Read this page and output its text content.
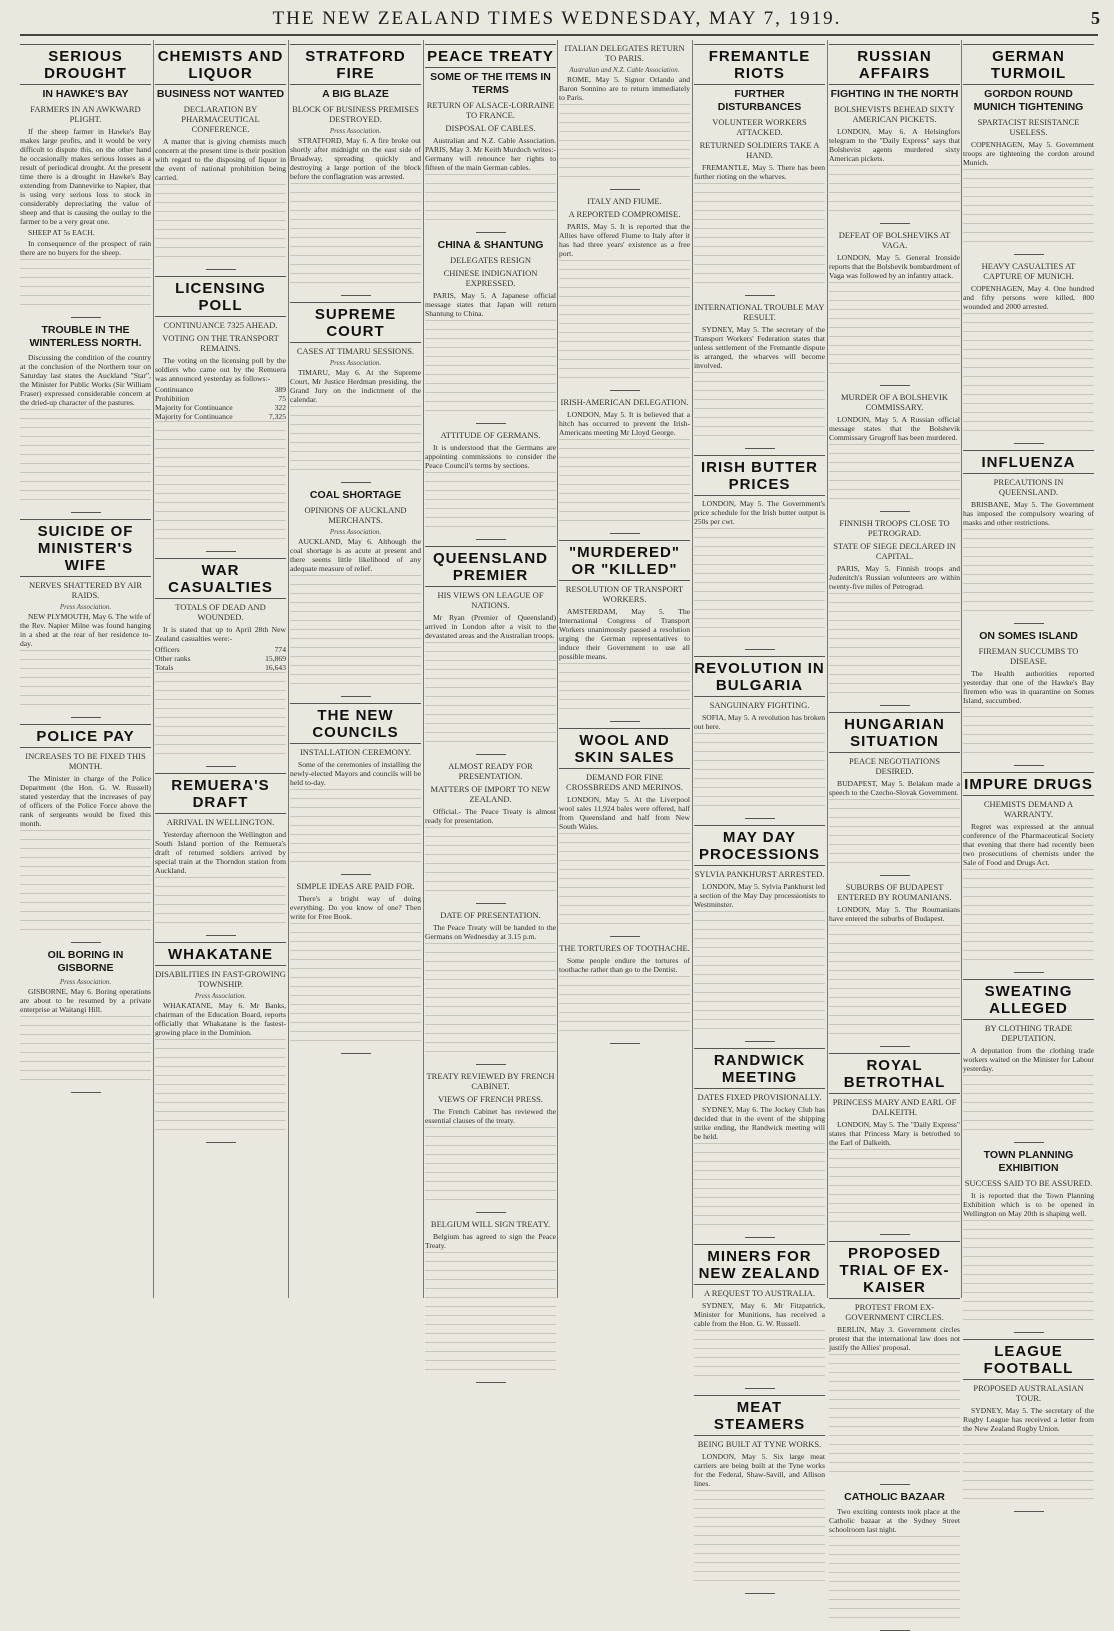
THE NEW ZEALAND TIMES WEDNESDAY, MAY 7, 1919.	5
SERIOUS DROUGHT
IN HAWKE'S BAY
FARMERS IN AN AWKWARD PLIGHT.
If the sheep farmer in Hawke's Bay makes large profits, and it would be very difficult to dispute this, on the other hand he occasionally makes serious losses as a result of periodical drought. At the present time there is a drought in Hawke's Bay extending from Dannevirke to Napier, that is using very serious loss to stock in considerably depreciating the value of sheep and that is causing the outlay to the farmer to be a very great one.
SHEEP AT 5s EACH.
In consequence of the prospect of rain there are no buyers for the sheep.
TROUBLE IN THE WINTERLESS NORTH.
Discussing the condition of the country at the conclusion of the Northern tour on Saturday last states the Auckland "Star", the Minister for Public Works (Sir William Fraser) expressed considerable concern at the dried-up character of the pastures.
SUICIDE OF MINISTER'S WIFE
NERVES SHATTERED BY AIR RAIDS.
Press Association.
NEW PLYMOUTH, May 6. The wife of the Rev. Napier Milne was found hanging in a shed at the rear of her residence to-day.
POLICE PAY
INCREASES TO BE FIXED THIS MONTH.
The Minister in charge of the Police Department (the Hon. G. W. Russell) stated yesterday that the increases of pay of officers of the Police Force above the rank of sergeants would be fixed this month.
OIL BORING IN GISBORNE
Press Association.
GISBORNE, May 6. Boring operations are about to be resumed by a private enterprise at Waitangi Hill.
CHEMISTS AND LIQUOR
BUSINESS NOT WANTED
DECLARATION BY PHARMACEUTICAL CONFERENCE.
A matter that is giving chemists much concern at the present time is their position with regard to the disposing of liquor in the event of national prohibition being carried.
LICENSING POLL
CONTINUANCE 7325 AHEAD.
VOTING ON THE TRANSPORT REMAINS.
The voting on the licensing poll by the soldiers who came out by the Remuera was announced yesterday as follows:-
Continuance	389
Prohibition	75
Majority for Continuance	322
Majority for Continuance	7,325
WAR CASUALTIES
TOTALS OF DEAD AND WOUNDED.
It is stated that up to April 28th New Zealand casualties were:-
Officers	774
Other ranks	15,869
Totals	16,643
REMUERA'S DRAFT
ARRIVAL IN WELLINGTON.
Yesterday afternoon the Wellington and South Island portion of the Remuera's draft of returned soldiers arrived by special train at the Thorndon station from Auckland.
WHAKATANE
DISABILITIES IN FAST-GROWING TOWNSHIP.
Press Association.
WHAKATANE, May 6. Mr Banks, chairman of the Education Board, reports officially that Whakatane is the fastest-growing place in the Dominion.
STRATFORD FIRE
A BIG BLAZE
BLOCK OF BUSINESS PREMISES DESTROYED.
Press Association.
STRATFORD, May 6. A fire broke out shortly after midnight on the east side of Broadway, spreading quickly and destroying a large portion of the block before the conflagration was arrested.
SUPREME COURT
CASES AT TIMARU SESSIONS.
Press Association.
TIMARU, May 6. At the Supreme Court, Mr Justice Herdman presiding, the Grand Jury on the indictment of the calendar.
COAL SHORTAGE
OPINIONS OF AUCKLAND MERCHANTS.
Press Association.
AUCKLAND, May 6. Although the coal shortage is as acute at present and there seems little likelihood of any adequate measure of relief.
THE NEW COUNCILS
INSTALLATION CEREMONY.
Some of the ceremonies of installing the newly-elected Mayors and councils will be held to-day.
SIMPLE IDEAS ARE PAID FOR.
There's a bright way of doing everything. Do you know of one? Then write for Free Book.
PEACE TREATY
SOME OF THE ITEMS IN TERMS
RETURN OF ALSACE-LORRAINE TO FRANCE.
DISPOSAL OF CABLES.
Australian and N.Z. Cable Association. PARIS, May 3. Mr Keith Murdoch writes:- Germany will renounce her rights to fifteen of the main German cables.
CHINA & SHANTUNG
DELEGATES RESIGN
CHINESE INDIGNATION EXPRESSED.
PARIS, May 5. A Japanese official message states that Japan will return Shantung to China.
ATTITUDE OF GERMANS.
It is understood that the Germans are appointing commissions to consider the Peace Council's terms by sections.
QUEENSLAND PREMIER
HIS VIEWS ON LEAGUE OF NATIONS.
Mr Ryan (Premier of Queensland) arrived in London after a visit to the devastated areas and the Australian troops.
ALMOST READY FOR PRESENTATION.
MATTERS OF IMPORT TO NEW ZEALAND.
Official.- The Peace Treaty is almost ready for presentation.
DATE OF PRESENTATION.
The Peace Treaty will be handed to the Germans on Wednesday at 3.15 p.m.
TREATY REVIEWED BY FRENCH CABINET.
VIEWS OF FRENCH PRESS.
The French Cabinet has reviewed the essential clauses of the treaty.
BELGIUM WILL SIGN TREATY.
Belgium has agreed to sign the Peace Treaty.
ITALIAN DELEGATES RETURN TO PARIS.
Australian and N.Z. Cable Association.
ROME, May 5. Signor Orlando and Baron Sonnino are to return immediately to Paris.
ITALY AND FIUME.
A REPORTED COMPROMISE.
PARIS, May 5. It is reported that the Allies have offered Fiume to Italy after it has had three years' existence as a free port.
IRISH-AMERICAN DELEGATION.
LONDON, May 5. It is believed that a hitch has occurred to prevent the Irish-Americans meeting Mr Lloyd George.
"MURDERED" OR "KILLED"
RESOLUTION OF TRANSPORT WORKERS.
AMSTERDAM, May 5. The International Congress of Transport Workers unanimously passed a resolution urging the German representatives to induce their Government to use all possible means.
WOOL AND SKIN SALES
DEMAND FOR FINE CROSSBREDS AND MERINOS.
LONDON, May 5. At the Liverpool wool sales 11,924 bales were offered, half from Queensland and half from New South Wales.
THE TORTURES OF TOOTHACHE.
Some people endure the tortures of toothache rather than go to the Dentist.
FREMANTLE RIOTS
FURTHER DISTURBANCES
VOLUNTEER WORKERS ATTACKED.
RETURNED SOLDIERS TAKE A HAND.
FREMANTLE, May 5. There has been further rioting on the wharves.
INTERNATIONAL TROUBLE MAY RESULT.
SYDNEY, May 5. The secretary of the Transport Workers' Federation states that unless settlement of the Fremantle dispute is arranged, the wharves will become involved.
IRISH BUTTER PRICES
LONDON, May 5. The Government's price schedule for the Irish butter output is 250s per cwt.
REVOLUTION IN BULGARIA
SANGUINARY FIGHTING.
SOFIA, May 5. A revolution has broken out here.
MAY DAY PROCESSIONS
SYLVIA PANKHURST ARRESTED.
LONDON, May 5. Sylvia Pankhurst led a section of the May Day processionists to Westminster.
RANDWICK MEETING
DATES FIXED PROVISIONALLY.
SYDNEY, May 6. The Jockey Club has decided that in the event of the shipping strike ending, the Randwick meeting will be held.
MINERS FOR NEW ZEALAND
A REQUEST TO AUSTRALIA.
SYDNEY, May 6. Mr Fitzpatrick, Minister for Munitions, has received a cable from the Hon. G. W. Russell.
MEAT STEAMERS
BEING BUILT AT TYNE WORKS.
LONDON, May 5. Six large meat carriers are being built at the Tyne works for the Federal, Shaw-Savill, and Allison lines.
RUSSIAN AFFAIRS
FIGHTING IN THE NORTH
BOLSHEVISTS BEHEAD SIXTY AMERICAN PICKETS.
LONDON, May 6. A Helsingfors telegram to the "Daily Express" says that Bolshevist agents murdered sixty American pickets.
DEFEAT OF BOLSHEVIKS AT VAGA.
LONDON, May 5. General Ironside reports that the Bolshevik bombardment of Vaga was followed by an infantry attack.
MURDER OF A BOLSHEVIK COMMISSARY.
LONDON, May 5. A Russian official message states that the Bolshevik Commissary Grugroff has been murdered.
FINNISH TROOPS CLOSE TO PETROGRAD.
STATE OF SIEGE DECLARED IN CAPITAL.
PARIS, May 5. Finnish troops and Judenitch's Russian volunteers are within twenty-five miles of Petrograd.
HUNGARIAN SITUATION
PEACE NEGOTIATIONS DESIRED.
BUDAPEST, May 5. Belakun made a speech to the Czecho-Slovak Government.
SUBURBS OF BUDAPEST ENTERED BY ROUMANIANS.
LONDON, May 5. The Roumanians have entered the suburbs of Budapest.
ROYAL BETROTHAL
PRINCESS MARY AND EARL OF DALKEITH.
LONDON, May 5. The "Daily Express" states that Princess Mary is betrothed to the Earl of Dalkeith.
PROPOSED TRIAL OF EX-KAISER
PROTEST FROM EX-GOVERNMENT CIRCLES.
BERLIN, May 3. Government circles protest that the international law does not justify the Allies' proposal.
CATHOLIC BAZAAR
Two exciting contests took place at the Catholic bazaar at the Sydney Street schoolroom last night.
GERMAN TURMOIL
GORDON ROUND MUNICH TIGHTENING
SPARTACIST RESISTANCE USELESS.
COPENHAGEN, May 5. Government troops are tightening the cordon around Munich.
HEAVY CASUALTIES AT CAPTURE OF MUNICH.
COPENHAGEN, May 4. One hundred and fifty persons were killed, 800 wounded and 2000 arrested.
INFLUENZA
PRECAUTIONS IN QUEENSLAND.
BRISBANE, May 5. The Government has imposed the compulsory wearing of masks and other restrictions.
ON SOMES ISLAND
FIREMAN SUCCUMBS TO DISEASE.
The Health authorities reported yesterday that one of the Hawke's Bay firemen who was in quarantine on Somes Island, succumbed.
IMPURE DRUGS
CHEMISTS DEMAND A WARRANTY.
Regret was expressed at the annual conference of the Pharmaceutical Society that evening that there had recently been two prosecutions of chemists under the Sale of Food and Drugs Act.
SWEATING ALLEGED
BY CLOTHING TRADE DEPUTATION.
A deputation from the clothing trade workers waited on the Minister for Labour yesterday.
TOWN PLANNING EXHIBITION
SUCCESS SAID TO BE ASSURED.
It is reported that the Town Planning Exhibition which is to be opened in Wellington on May 20th is shaping well.
LEAGUE FOOTBALL
PROPOSED AUSTRALASIAN TOUR.
SYDNEY, May 5. The secretary of the Rugby League has received a letter from the New Zealand Rugby Union.
